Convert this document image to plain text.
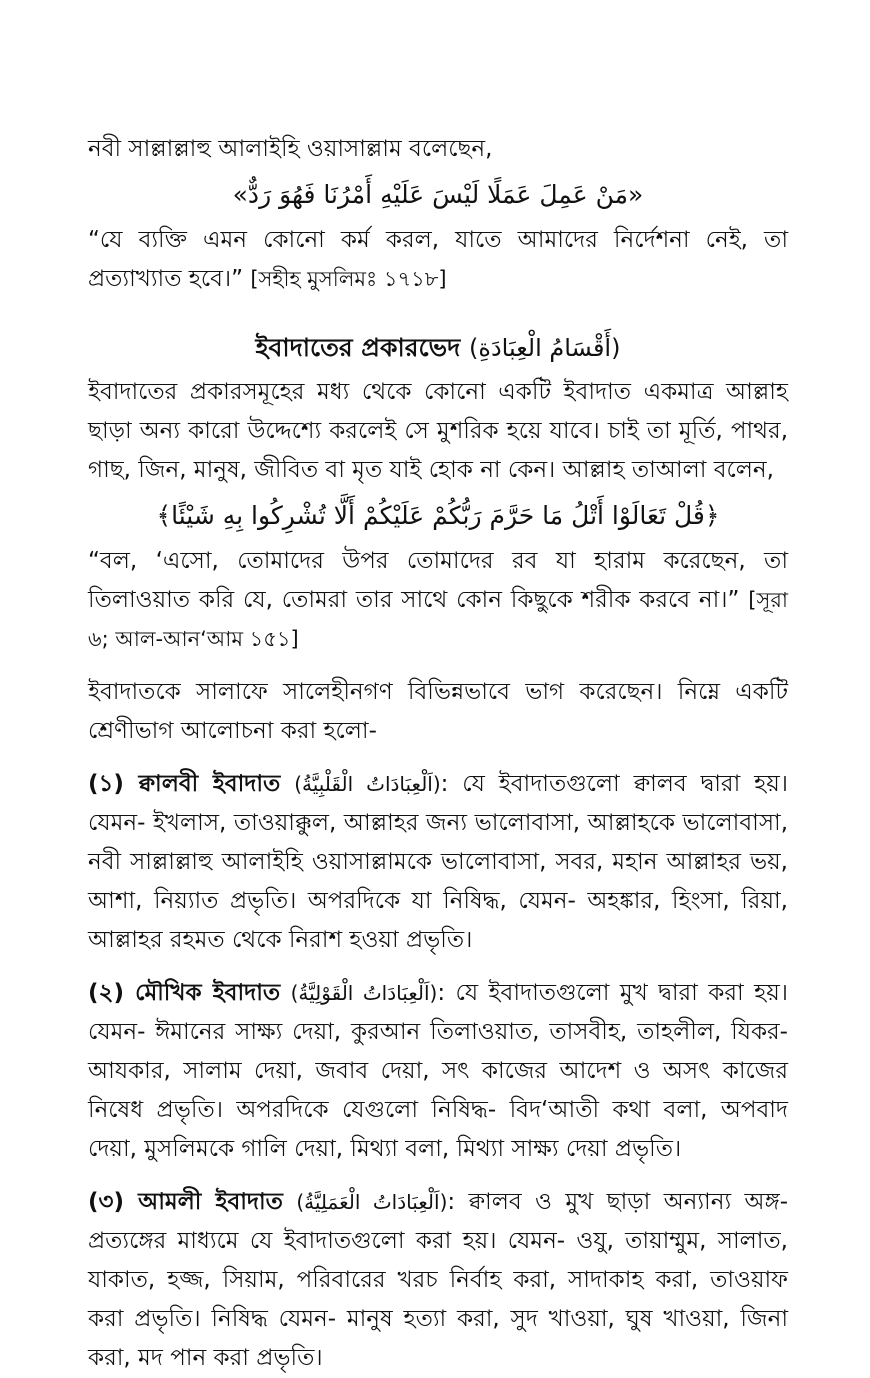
নবী সাল্লাল্লাহু আলাইহি ওয়াসাল্লাম বলেছেন,

«مَنْ عَمِلَ عَمَلًا لَيْسَ عَلَيْهِ أَمْرُنَا فَهُوَ رَدٌّ»

“যে ব্যক্তি এমন কোনো কর্ম করল, যাতে আমাদের নির্দেশনা নেই, তা প্রত্যাখ্যাত হবে।” [সহীহ মুসলিমঃ ১৭১৮]

ইবাদাতের প্রকারভেদ (أَقْسَامُ الْعِبَادَةِ)

ইবাদাতের প্রকারসমূহের মধ্য থেকে কোনো একটি ইবাদাত একমাত্র আল্লাহ ছাড়া অন্য কারো উদ্দেশ্যে করলেই সে মুশরিক হয়ে যাবে। চাই তা মূর্তি, পাথর, গাছ, জিন, মানুষ, জীবিত বা মৃত যাই হোক না কেন। আল্লাহ তাআলা বলেন,

﴿قُلْ تَعَالَوْا أَتْلُ مَا حَرَّمَ رَبُّكُمْ عَلَيْكُمْ أَلَّا تُشْرِكُوا بِهِ شَيْئًا﴾

“বল, ‘এসো, তোমাদের উপর তোমাদের রব যা হারাম করেছেন, তা তিলাওয়াত করি যে, তোমরা তার সাথে কোন কিছুকে শরীক করবে না।” [সূরা ৬; আল-আন‘আম ১৫১]

ইবাদাতকে সালাফে সালেহীনগণ বিভিন্নভাবে ভাগ করেছেন। নিম্নে একটি শ্রেণীভাগ আলোচনা করা হলো-

(১) ক্বালবী ইবাদাত (اَلْعِبَادَاتُ الْقَلْبِيَّةُ): যে ইবাদাতগুলো ক্বালব দ্বারা হয়। যেমন- ইখলাস, তাওয়াক্কুল, আল্লাহর জন্য ভালোবাসা, আল্লাহকে ভালোবাসা, নবী সাল্লাল্লাহু আলাইহি ওয়াসাল্লামকে ভালোবাসা, সবর, মহান আল্লাহর ভয়, আশা, নিয়্যাত প্রভৃতি। অপরদিকে যা নিষিদ্ধ, যেমন- অহঙ্কার, হিংসা, রিয়া, আল্লাহর রহমত থেকে নিরাশ হওয়া প্রভৃতি।

(২) মৌখিক ইবাদাত (اَلْعِبَادَاتُ الْقَوْلِيَّةُ): যে ইবাদাতগুলো মুখ দ্বারা করা হয়। যেমন- ঈমানের সাক্ষ্য দেয়া, কুরআন তিলাওয়াত, তাসবীহ, তাহলীল, যিকর-আযকার, সালাম দেয়া, জবাব দেয়া, সৎ কাজের আদেশ ও অসৎ কাজের নিষেধ প্রভৃতি। অপরদিকে যেগুলো নিষিদ্ধ- বিদ‘আতী কথা বলা, অপবাদ দেয়া, মুসলিমকে গালি দেয়া, মিথ্যা বলা, মিথ্যা সাক্ষ্য দেয়া প্রভৃতি।

(৩) আমলী ইবাদাত (اَلْعِبَادَاتُ الْعَمَلِيَّةُ): ক্বালব ও মুখ ছাড়া অন্যান্য অঙ্গ-প্রত্যঙ্গের মাধ্যমে যে ইবাদাতগুলো করা হয়। যেমন- ওযু, তায়াম্মুম, সালাত, যাকাত, হজ্জ, সিয়াম, পরিবারের খরচ নির্বাহ করা, সাদাকাহ করা, তাওয়াফ করা প্রভৃতি। নিষিদ্ধ যেমন- মানুষ হত্যা করা, সুদ খাওয়া, ঘুষ খাওয়া, জিনা করা, মদ পান করা প্রভৃতি।
